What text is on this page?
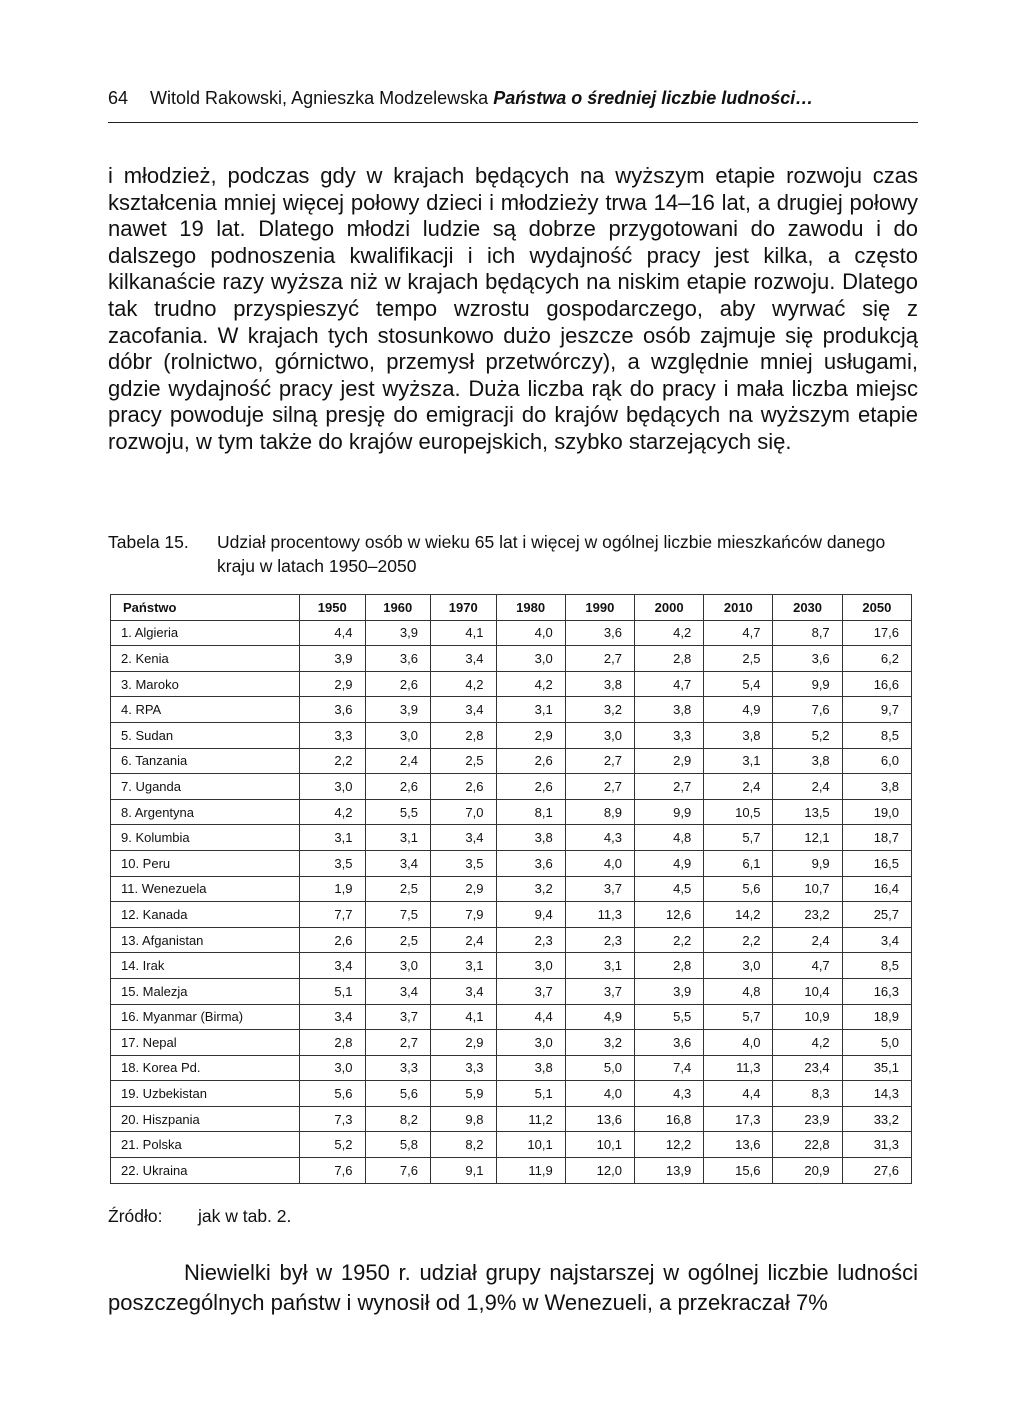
64 Witold Rakowski, Agnieszka Modzelewska Państwa o średniej liczbie ludności…

i młodzież, podczas gdy w krajach będących na wyższym etapie rozwoju czas kształcenia mniej więcej połowy dzieci i młodzieży trwa 14–16 lat, a drugiej połowy nawet 19 lat. Dlatego młodzi ludzie są dobrze przygotowani do zawodu i do dalszego podnoszenia kwalifikacji i ich wydajność pracy jest kilka, a często kilkanaście razy wyższa niż w krajach będących na niskim etapie rozwoju. Dlatego tak trudno przyspieszyć tempo wzrostu gospodarczego, aby wyrwać się z zacofania. W krajach tych stosunkowo dużo jeszcze osób zajmuje się produkcją dóbr (rolnictwo, górnictwo, przemysł przetwórczy), a względnie mniej usługami, gdzie wydajność pracy jest wyższa. Duża liczba rąk do pracy i mała liczba miejsc pracy powoduje silną presję do emigracji do krajów będących na wyższym etapie rozwoju, w tym także do krajów europejskich, szybko starzejących się.

Tabela 15.	Udział procentowy osób w wieku 65 lat i więcej w ogólnej liczbie mieszkańców danego kraju w latach 1950–2050
Państwo	1950	1960	1970	1980	1990	2000	2010	2030	2050
1. Algieria	4,4	3,9	4,1	4,0	3,6	4,2	4,7	8,7	17,6
2. Kenia	3,9	3,6	3,4	3,0	2,7	2,8	2,5	3,6	6,2
3. Maroko	2,9	2,6	4,2	4,2	3,8	4,7	5,4	9,9	16,6
4. RPA	3,6	3,9	3,4	3,1	3,2	3,8	4,9	7,6	9,7
5. Sudan	3,3	3,0	2,8	2,9	3,0	3,3	3,8	5,2	8,5
6. Tanzania	2,2	2,4	2,5	2,6	2,7	2,9	3,1	3,8	6,0
7. Uganda	3,0	2,6	2,6	2,6	2,7	2,7	2,4	2,4	3,8
8. Argentyna	4,2	5,5	7,0	8,1	8,9	9,9	10,5	13,5	19,0
9. Kolumbia	3,1	3,1	3,4	3,8	4,3	4,8	5,7	12,1	18,7
10. Peru	3,5	3,4	3,5	3,6	4,0	4,9	6,1	9,9	16,5
11. Wenezuela	1,9	2,5	2,9	3,2	3,7	4,5	5,6	10,7	16,4
12. Kanada	7,7	7,5	7,9	9,4	11,3	12,6	14,2	23,2	25,7
13. Afganistan	2,6	2,5	2,4	2,3	2,3	2,2	2,2	2,4	3,4
14. Irak	3,4	3,0	3,1	3,0	3,1	2,8	3,0	4,7	8,5
15. Malezja	5,1	3,4	3,4	3,7	3,7	3,9	4,8	10,4	16,3
16. Myanmar (Birma)	3,4	3,7	4,1	4,4	4,9	5,5	5,7	10,9	18,9
17. Nepal	2,8	2,7	2,9	3,0	3,2	3,6	4,0	4,2	5,0
18. Korea Pd.	3,0	3,3	3,3	3,8	5,0	7,4	11,3	23,4	35,1
19. Uzbekistan	5,6	5,6	5,9	5,1	4,0	4,3	4,4	8,3	14,3
20. Hiszpania	7,3	8,2	9,8	11,2	13,6	16,8	17,3	23,9	33,2
21. Polska	5,2	5,8	8,2	10,1	10,1	12,2	13,6	22,8	31,3
22. Ukraina	7,6	7,6	9,1	11,9	12,0	13,9	15,6	20,9	27,6
Źródło: jak w tab. 2.

Niewielki był w 1950 r. udział grupy najstarszej w ogólnej liczbie ludności poszczególnych państw i wynosił od 1,9% w Wenezueli, a przekraczał 7%
